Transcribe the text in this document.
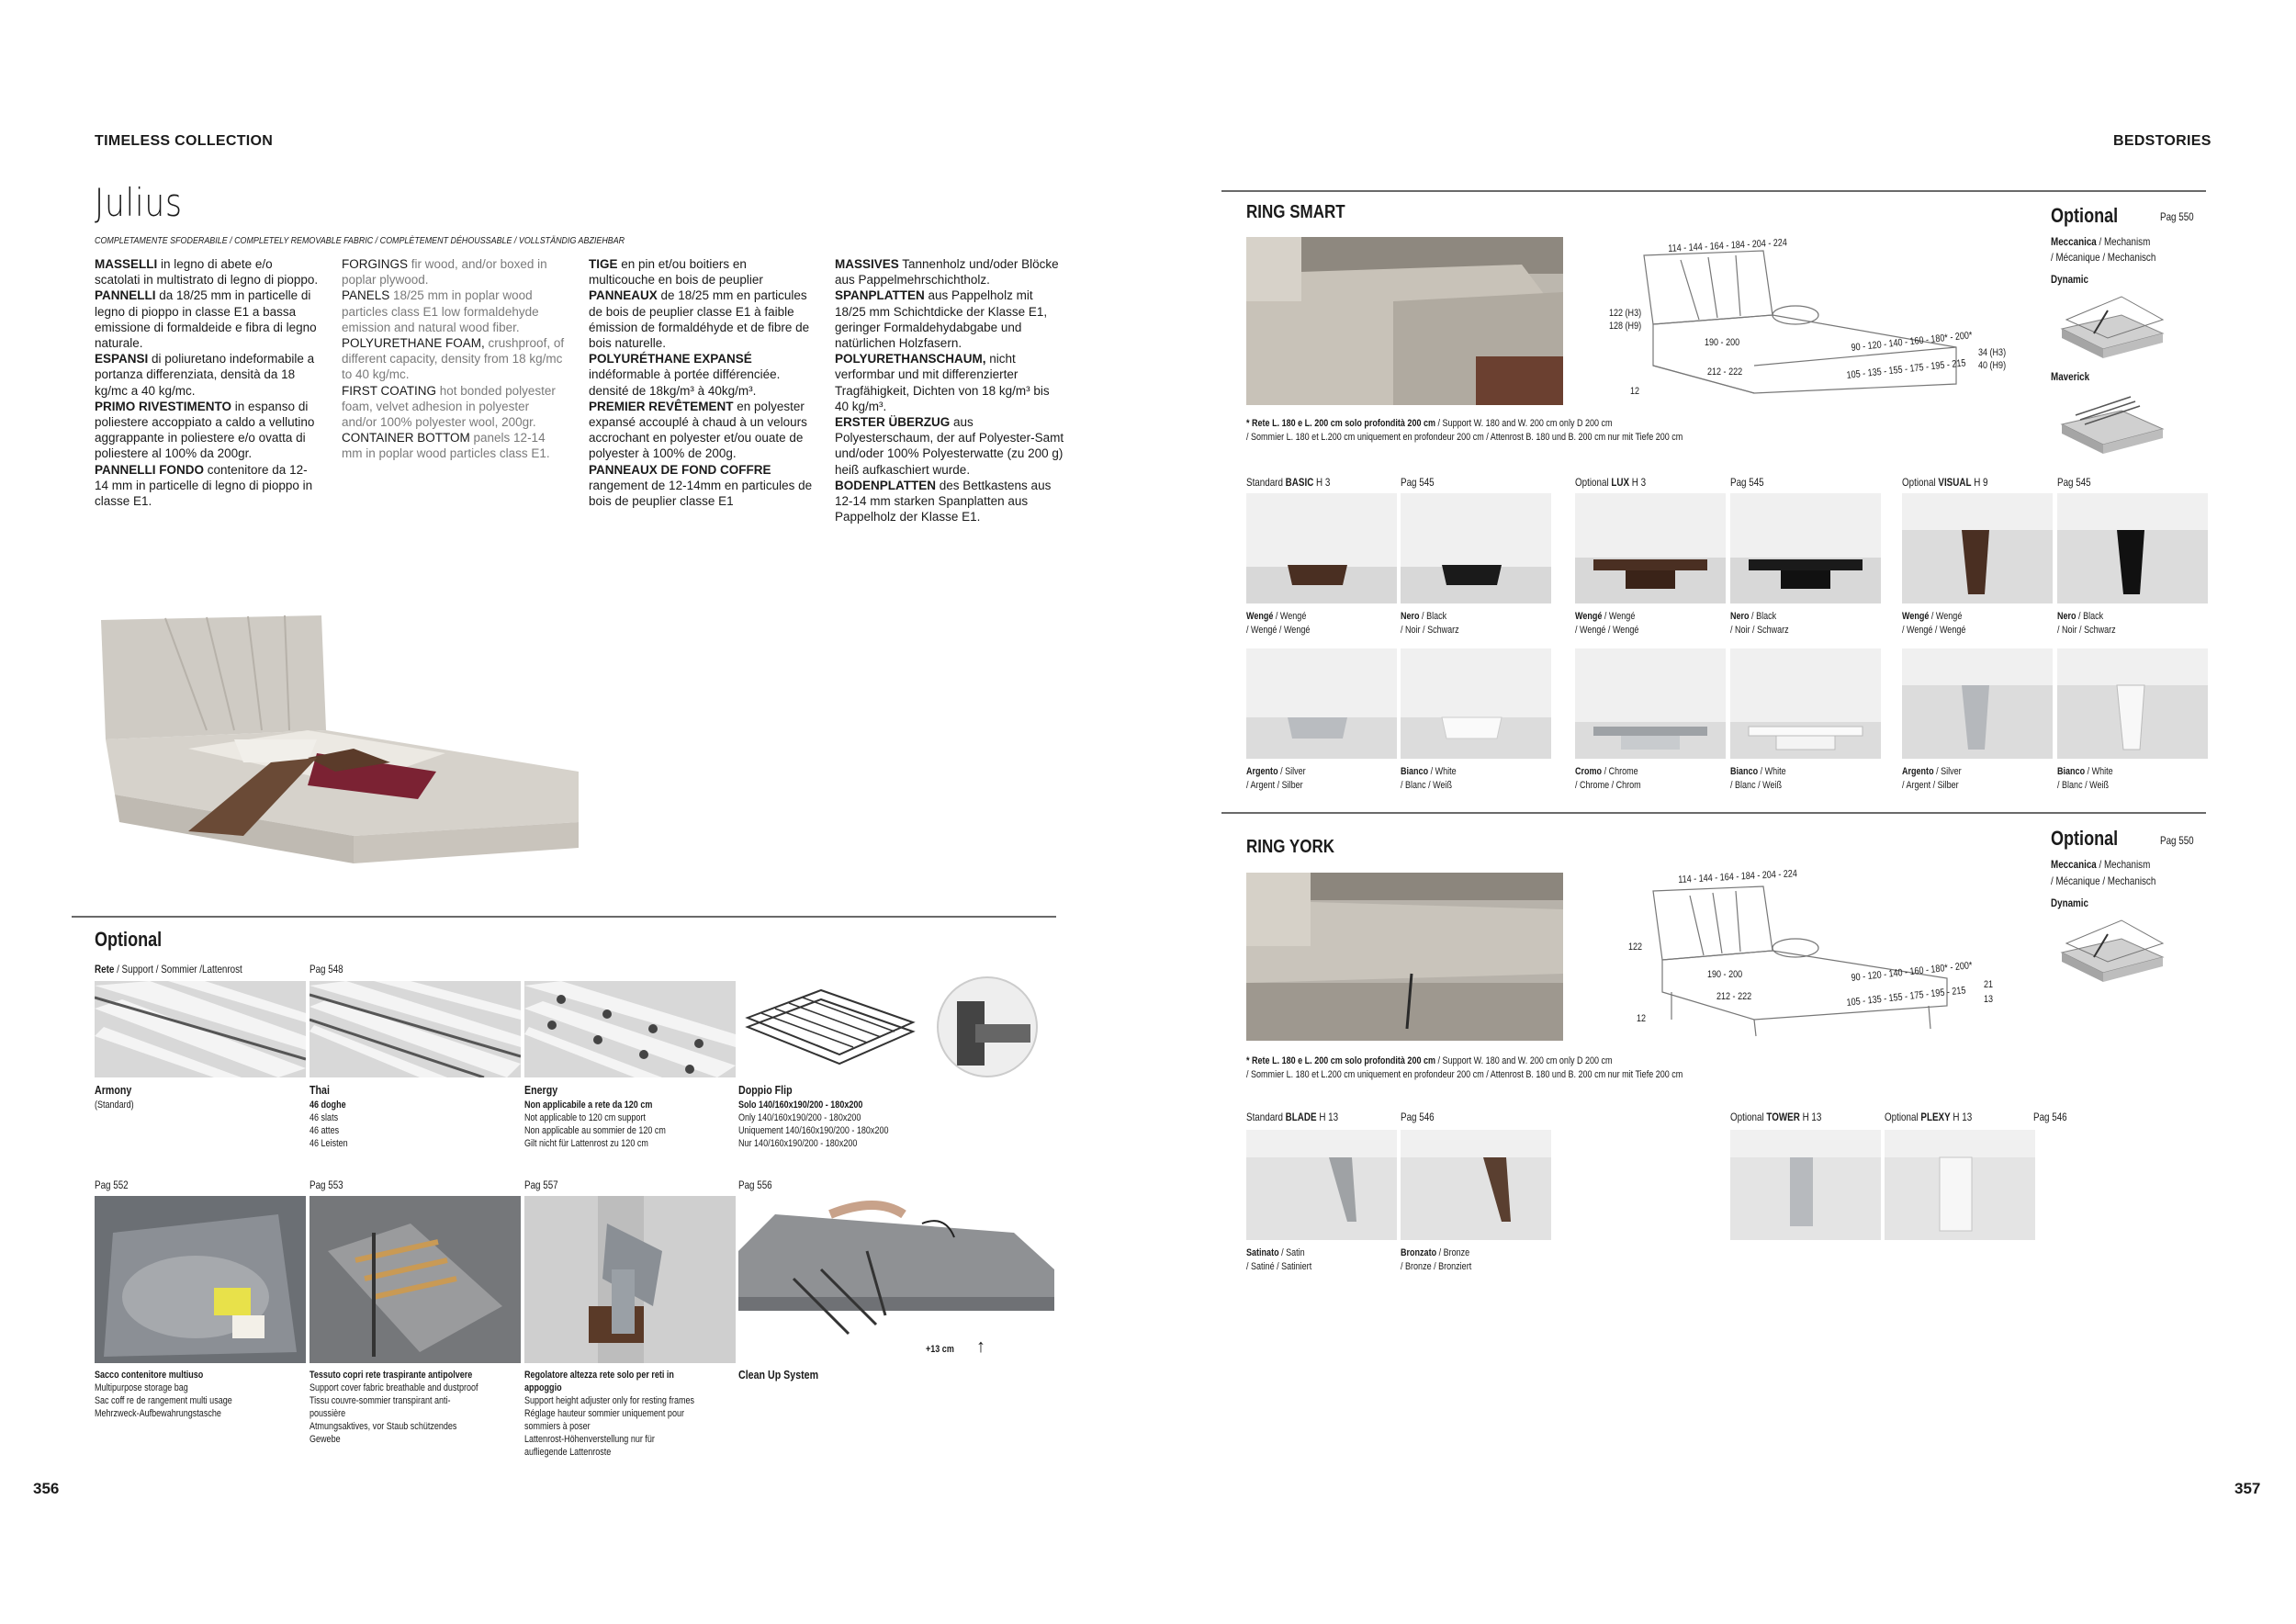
TIMELESS COLLECTION	BEDSTORIES
356	357
Julius
COMPLETAMENTE SFODERABILE / COMPLETELY REMOVABLE FABRIC / COMPLÈTEMENT DÉHOUSSABLE / VOLLSTÄNDIG ABZIEHBAR

MASSELLI in legno di abete e/o scatolati in multistrato di legno di pioppo.

PANNELLI da 18/25 mm in particelle di legno di pioppo in classe E1 a bassa emissione di formaldeide e fibra di legno naturale.

ESPANSI di poliuretano indeformabile a portanza differenziata, densità da 18 kg/mc a 40 kg/mc.

PRIMO RIVESTIMENTO in espanso di poliestere accoppiato a caldo a vellutino aggrappante in poliestere e/o ovatta di poliestere al 100% da 200gr.

PANNELLI FONDO contenitore da 12-14 mm in particelle di legno di pioppo in classe E1.

FORGINGS fir wood, and/or boxed in poplar plywood.

PANELS 18/25 mm in poplar wood particles class E1 low formaldehyde emission and natural wood fiber.

POLYURETHANE FOAM, crushproof, of different capacity, density from 18 kg/mc to 40 kg/mc.

FIRST COATING hot bonded polyester foam, velvet adhesion in polyester and/or 100% polyester wool, 200gr.

CONTAINER BOTTOM panels 12-14 mm in poplar wood particles class E1.

TIGE en pin et/ou boitiers en multicouche en bois de peuplier

PANNEAUX de 18/25 mm en particules de bois de peuplier classe E1 à faible émission de formaldéhyde et de fibre de bois naturelle.

POLYURÉTHANE EXPANSÉ indéformable à portée différenciée. densité de 18kg/m³ à 40kg/m³.

PREMIER REVÊTEMENT en polyester expansé accouplé à chaud à un velours accrochant en polyester et/ou ouate de polyester à 100% de 200g.

PANNEAUX DE FOND COFFRE rangement de 12-14mm en particules de bois de peuplier classe E1

MASSIVES Tannenholz und/oder Blöcke aus Pappelmehrschichtholz.

SPANPLATTEN aus Pappelholz mit 18/25 mm Schichtdicke der Klasse E1, geringer Formaldehydabgabe und natürlichen Holzfasern.

POLYURETHANSCHAUM, nicht verformbar und mit differenzierter Tragfähigkeit, Dichten von 18 kg/m³ bis 40 kg/m³.

ERSTER ÜBERZUG aus Polyesterschaum, der auf Polyester-Samt und/oder 100% Polyesterwatte (zu 200 g) heiß aufkaschiert wurde.

BODENPLATTEN des Bettkastens aus 12-14 mm starken Spanplatten aus Pappelholz der Klasse E1.

Optional
Rete / Support / Sommier /Lattenrost	Pag 548
Armony
(Standard)
Thai
46 doghe
46 slats
46 attes
46 Leisten
Energy
Non applicabile a rete da 120 cm
Not applicable to 120 cm support
Non applicable au sommier de 120 cm
Gilt nicht für Lattenrost zu 120 cm
Doppio Flip
Solo 140/160x190/200 - 180x200
Only 140/160x190/200 - 180x200
Uniquement 140/160x190/200 - 180x200
Nur 140/160x190/200 - 180x200
Pag 552	Pag 553	Pag 557	Pag 556
+13 cm ↑
Sacco contenitore multiuso
Multipurpose storage bag
Sac coff re de rangement multi usage
Mehrzweck-Aufbewahrungstasche
Tessuto copri rete traspirante antipolvere
Support cover fabric breathable and dustproof
Tissu couvre-sommier transpirant anti-
poussière
Atmungsaktives, vor Staub schützendes
Gewebe
Regolatore altezza rete solo per reti in
appoggio
Support height adjuster only for resting frames
Réglage hauteur sommier uniquement pour
sommiers à poser
Lattenrost-Höhenverstellung nur für
aufliegende Lattenroste
Clean Up System
RING SMART
114 - 144 - 164 - 184 - 204 - 224
122 (H3)
128 (H9)
190 - 200
212 - 222
90 - 120 - 140 - 160 - 180* - 200*
105 - 135 - 155 - 175 - 195 - 215
34 (H3)
40 (H9)
12
* Rete L. 180 e L. 200 cm solo profondità 200 cm / Support W. 180 and W. 200 cm only D 200 cm
/ Sommier L. 180 et L.200 cm uniquement en profondeur 200 cm / Attenrost B. 180 und B. 200 cm nur mit Tiefe 200 cm
Optional	Pag 550
Meccanica / Mechanism
/ Mécanique / Mechanisch
Dynamic
Maverick
Standard BASIC H 3	Pag 545	Optional LUX H 3	Pag 545	Optional VISUAL H 9	Pag 545
Wengé / Wengé
/ Wengé / Wengé
Nero / Black
/ Noir / Schwarz
Wengé / Wengé
/ Wengé / Wengé
Nero / Black
/ Noir / Schwarz
Wengé / Wengé
/ Wengé / Wengé
Nero / Black
/ Noir / Schwarz
Argento / Silver
/ Argent / Silber
Bianco / White
/ Blanc / Weiß
Cromo / Chrome
/ Chrome / Chrom
Bianco / White
/ Blanc / Weiß
Argento / Silver
/ Argent / Silber
Bianco / White
/ Blanc / Weiß
RING YORK
114 - 144 - 164 - 184 - 204 - 224
122
190 - 200
212 - 222
90 - 120 - 140 - 160 - 180* - 200*
105 - 135 - 155 - 175 - 195 - 215
21
13
12
* Rete L. 180 e L. 200 cm solo profondità 200 cm / Support W. 180 and W. 200 cm only D 200 cm
/ Sommier L. 180 et L.200 cm uniquement en profondeur 200 cm / Attenrost B. 180 und B. 200 cm nur mit Tiefe 200 cm
Optional	Pag 550
Meccanica / Mechanism
/ Mécanique / Mechanisch
Dynamic
Standard BLADE H 13	Pag 546	Optional TOWER H 13	Optional PLEXY H 13	Pag 546
Satinato / Satin
/ Satiné / Satiniert
Bronzato / Bronze
/ Bronze / Bronziert
